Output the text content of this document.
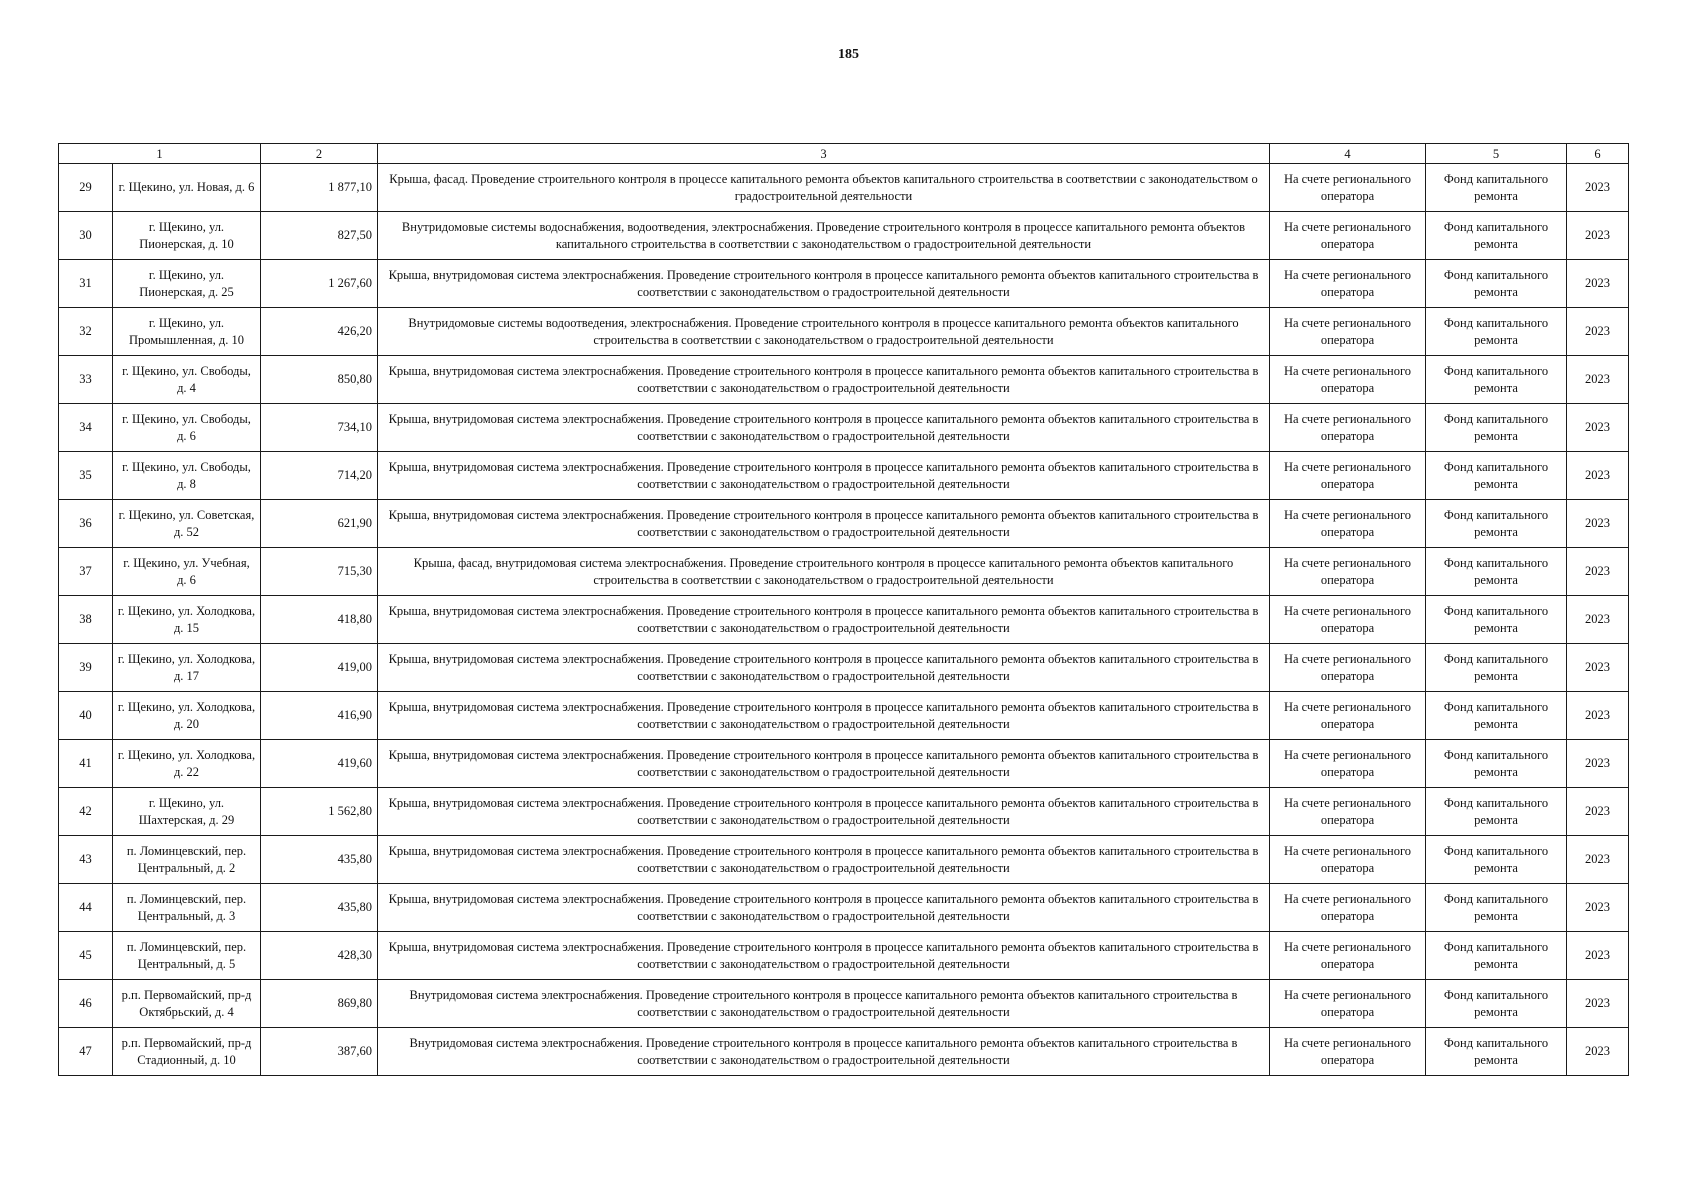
185
1		2	3	4	5	6
29	г. Щекино, ул. Новая, д. 6	1 877,10	Крыша, фасад. Проведение строительного контроля в процессе капитального ремонта объектов капитального строительства в соответствии с законодательством о градостроительной деятельности	На счете регионального оператора	Фонд капитального ремонта	2023
30	г. Щекино, ул. Пионерская, д. 10	827,50	Внутридомовые системы водоснабжения, водоотведения, электроснабжения. Проведение строительного контроля в процессе капитального ремонта объектов капитального строительства в соответствии с законодательством о градостроительной деятельности	На счете регионального оператора	Фонд капитального ремонта	2023
31	г. Щекино, ул. Пионерская, д. 25	1 267,60	Крыша, внутридомовая система электроснабжения. Проведение строительного контроля в процессе капитального ремонта объектов капитального строительства в соответствии с законодательством о градостроительной деятельности	На счете регионального оператора	Фонд капитального ремонта	2023
32	г. Щекино, ул. Промышленная, д. 10	426,20	Внутридомовые системы водоотведения, электроснабжения. Проведение строительного контроля в процессе капитального ремонта объектов капитального строительства в соответствии с законодательством о градостроительной деятельности	На счете регионального оператора	Фонд капитального ремонта	2023
33	г. Щекино, ул. Свободы, д. 4	850,80	Крыша, внутридомовая система электроснабжения. Проведение строительного контроля в процессе капитального ремонта объектов капитального строительства в соответствии с законодательством о градостроительной деятельности	На счете регионального оператора	Фонд капитального ремонта	2023
34	г. Щекино, ул. Свободы, д. 6	734,10	Крыша, внутридомовая система электроснабжения. Проведение строительного контроля в процессе капитального ремонта объектов капитального строительства в соответствии с законодательством о градостроительной деятельности	На счете регионального оператора	Фонд капитального ремонта	2023
35	г. Щекино, ул. Свободы, д. 8	714,20	Крыша, внутридомовая система электроснабжения. Проведение строительного контроля в процессе капитального ремонта объектов капитального строительства в соответствии с законодательством о градостроительной деятельности	На счете регионального оператора	Фонд капитального ремонта	2023
36	г. Щекино, ул. Советская, д. 52	621,90	Крыша, внутридомовая система электроснабжения. Проведение строительного контроля в процессе капитального ремонта объектов капитального строительства в соответствии с законодательством о градостроительной деятельности	На счете регионального оператора	Фонд капитального ремонта	2023
37	г. Щекино, ул. Учебная, д. 6	715,30	Крыша, фасад, внутридомовая система электроснабжения. Проведение строительного контроля в процессе капитального ремонта объектов капитального строительства в соответствии с законодательством о градостроительной деятельности	На счете регионального оператора	Фонд капитального ремонта	2023
38	г. Щекино, ул. Холодкова, д. 15	418,80	Крыша, внутридомовая система электроснабжения. Проведение строительного контроля в процессе капитального ремонта объектов капитального строительства в соответствии с законодательством о градостроительной деятельности	На счете регионального оператора	Фонд капитального ремонта	2023
39	г. Щекино, ул. Холодкова, д. 17	419,00	Крыша, внутридомовая система электроснабжения. Проведение строительного контроля в процессе капитального ремонта объектов капитального строительства в соответствии с законодательством о градостроительной деятельности	На счете регионального оператора	Фонд капитального ремонта	2023
40	г. Щекино, ул. Холодкова, д. 20	416,90	Крыша, внутридомовая система электроснабжения. Проведение строительного контроля в процессе капитального ремонта объектов капитального строительства в соответствии с законодательством о градостроительной деятельности	На счете регионального оператора	Фонд капитального ремонта	2023
41	г. Щекино, ул. Холодкова, д. 22	419,60	Крыша, внутридомовая система электроснабжения. Проведение строительного контроля в процессе капитального ремонта объектов капитального строительства в соответствии с законодательством о градостроительной деятельности	На счете регионального оператора	Фонд капитального ремонта	2023
42	г. Щекино, ул. Шахтерская, д. 29	1 562,80	Крыша, внутридомовая система электроснабжения. Проведение строительного контроля в процессе капитального ремонта объектов капитального строительства в соответствии с законодательством о градостроительной деятельности	На счете регионального оператора	Фонд капитального ремонта	2023
43	п. Ломинцевский, пер. Центральный, д. 2	435,80	Крыша, внутридомовая система электроснабжения. Проведение строительного контроля в процессе капитального ремонта объектов капитального строительства в соответствии с законодательством о градостроительной деятельности	На счете регионального оператора	Фонд капитального ремонта	2023
44	п. Ломинцевский, пер. Центральный, д. 3	435,80	Крыша, внутридомовая система электроснабжения. Проведение строительного контроля в процессе капитального ремонта объектов капитального строительства в соответствии с законодательством о градостроительной деятельности	На счете регионального оператора	Фонд капитального ремонта	2023
45	п. Ломинцевский, пер. Центральный, д. 5	428,30	Крыша, внутридомовая система электроснабжения. Проведение строительного контроля в процессе капитального ремонта объектов капитального строительства в соответствии с законодательством о градостроительной деятельности	На счете регионального оператора	Фонд капитального ремонта	2023
46	р.п. Первомайский, пр-д Октябрьский, д. 4	869,80	Внутридомовая система электроснабжения. Проведение строительного контроля в процессе капитального ремонта объектов капитального строительства в соответствии с законодательством о градостроительной деятельности	На счете регионального оператора	Фонд капитального ремонта	2023
47	р.п. Первомайский, пр-д Стадионный, д. 10	387,60	Внутридомовая система электроснабжения. Проведение строительного контроля в процессе капитального ремонта объектов капитального строительства в соответствии с законодательством о градостроительной деятельности	На счете регионального оператора	Фонд капитального ремонта	2023
